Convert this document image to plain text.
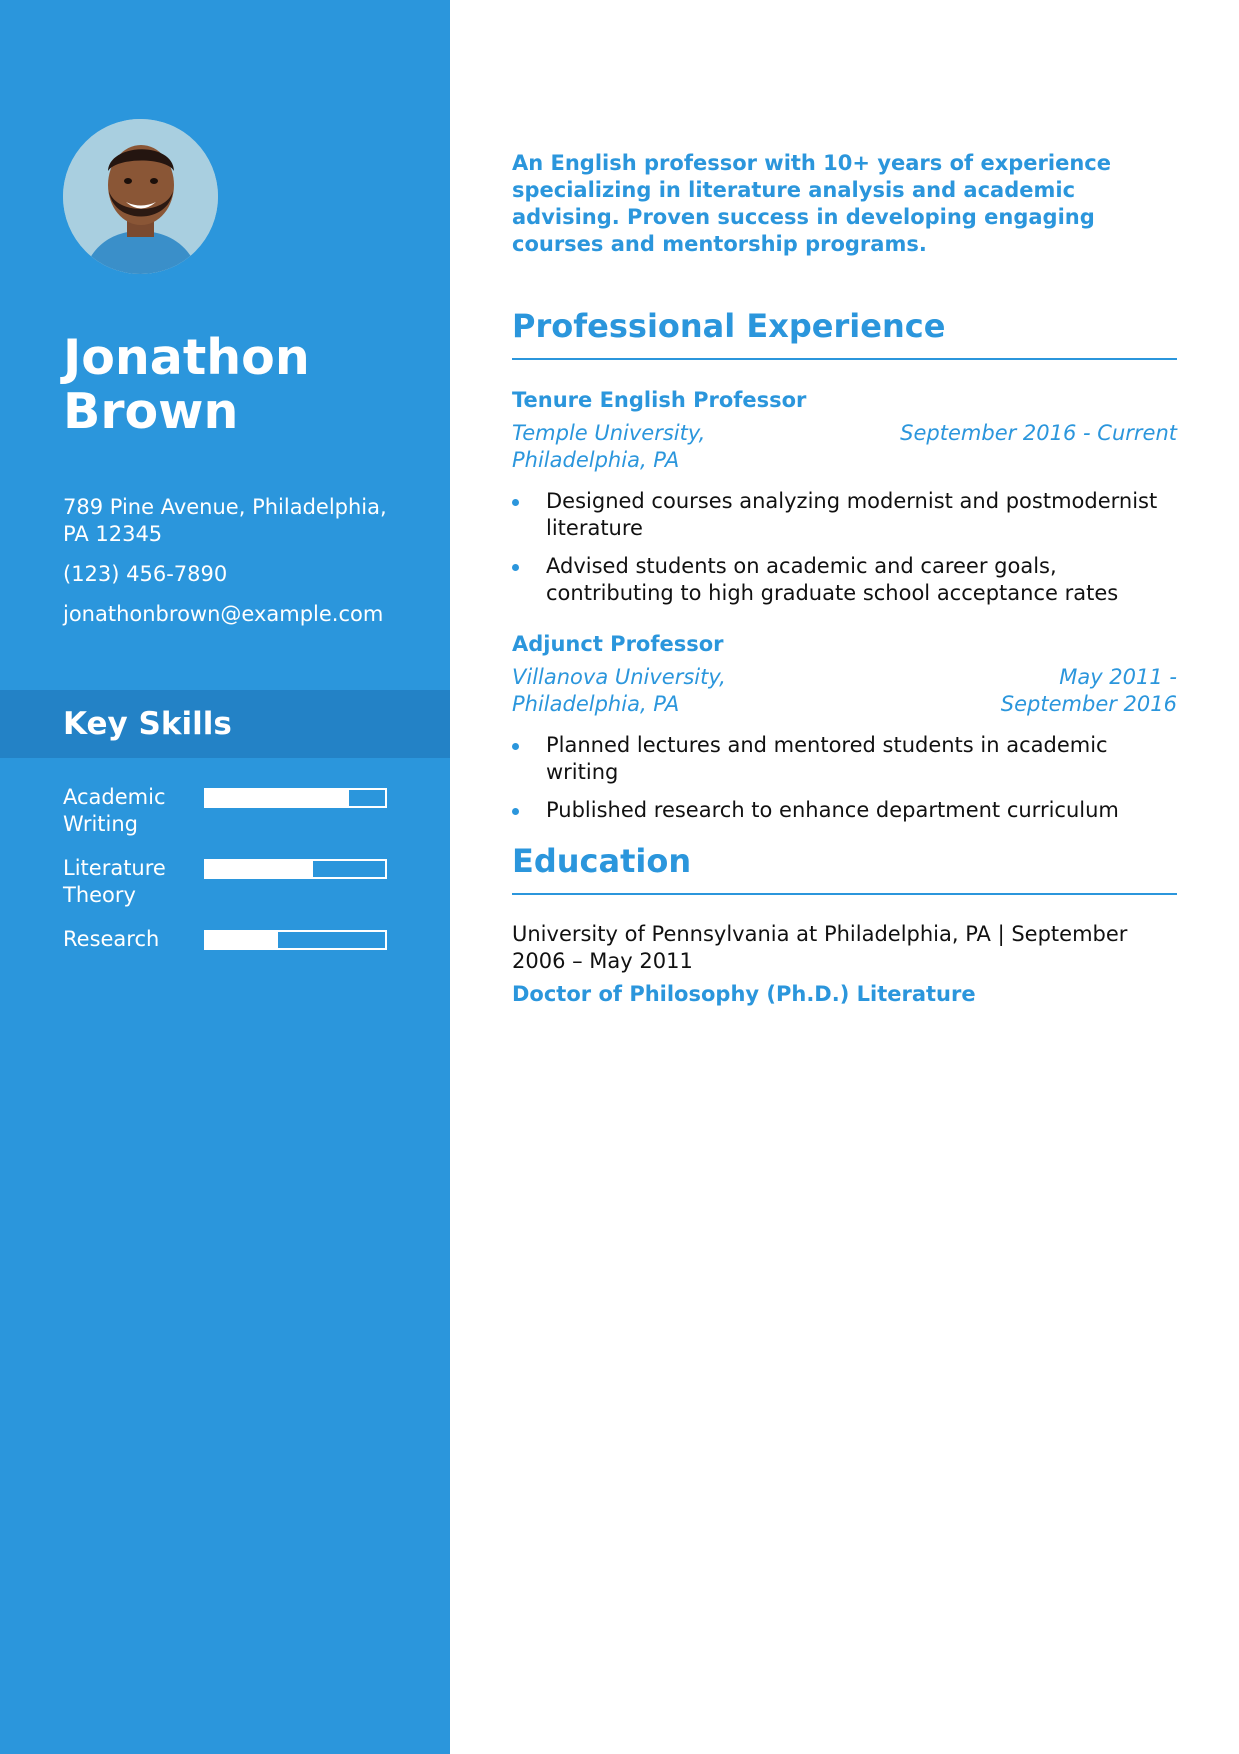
Jonathon Brown
789 Pine Avenue, Philadelphia, PA 12345
(123) 456-7890
jonathonbrown@example.com
Key Skills
Academic Writing
Literature Theory
Research

An English professor with 10+ years of experience specializing in literature analysis and academic advising. Proven success in developing engaging courses and mentorship programs.

Professional Experience
Tenure English Professor
Temple University, Philadelphia, PA
September 2016 - Current
Designed courses analyzing modernist and postmodernist literature
Advised students on academic and career goals, contributing to high graduate school acceptance rates
Adjunct Professor
Villanova University, Philadelphia, PA
May 2011 - September 2016
Planned lectures and mentored students in academic writing
Published research to enhance department curriculum
Education
University of Pennsylvania at Philadelphia, PA | September 2006 – May 2011
Doctor of Philosophy (Ph.D.) Literature
